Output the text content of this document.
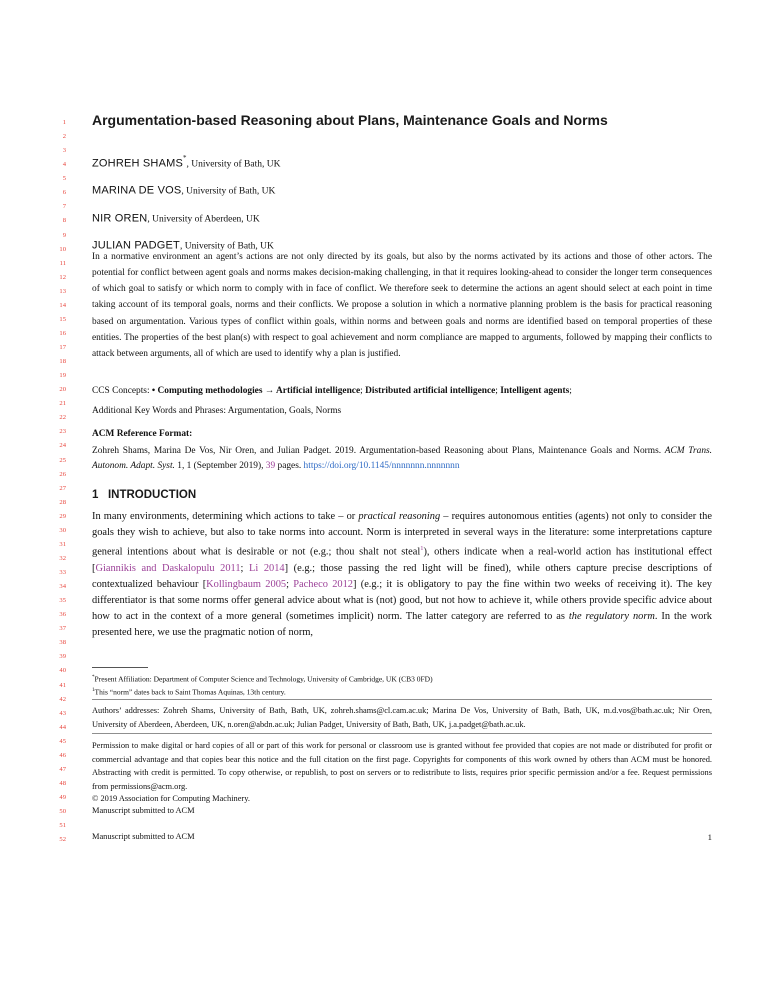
1
2
3
4
5
6
7
8
9
10
11
12
13
14
15
16
17
18
19
20
21
22
23
24
25
26
27
28
29
30
31
32
33
34
35
36
37
38
39
40
41
42
43
44
45
46
47
48
49
50
51
52
Argumentation-based Reasoning about Plans, Maintenance Goals and Norms
ZOHREH SHAMS*, University of Bath, UK
MARINA DE VOS, University of Bath, UK
NIR OREN, University of Aberdeen, UK
JULIAN PADGET, University of Bath, UK
In a normative environment an agent’s actions are not only directed by its goals, but also by the norms activated by its actions and those of other actors. The potential for conflict between agent goals and norms makes decision-making challenging, in that it requires looking-ahead to consider the longer term consequences of which goal to satisfy or which norm to comply with in face of conflict. We therefore seek to determine the actions an agent should select at each point in time taking account of its temporal goals, norms and their conflicts. We propose a solution in which a normative planning problem is the basis for practical reasoning based on argumentation. Various types of conflict within goals, within norms and between goals and norms are identified based on temporal properties of these entities. The properties of the best plan(s) with respect to goal achievement and norm compliance are mapped to arguments, followed by mapping their conflicts to attack between arguments, all of which are used to identify why a plan is justified.
CCS Concepts: • Computing methodologies → Artificial intelligence; Distributed artificial intelligence; Intelligent agents;
Additional Key Words and Phrases: Argumentation, Goals, Norms
ACM Reference Format:
Zohreh Shams, Marina De Vos, Nir Oren, and Julian Padget. 2019. Argumentation-based Reasoning about Plans, Maintenance Goals and Norms. ACM Trans. Autonom. Adapt. Syst. 1, 1 (September 2019), 39 pages. https://doi.org/10.1145/nnnnnnn.nnnnnnn
1   INTRODUCTION
In many environments, determining which actions to take – or practical reasoning – requires autonomous entities (agents) not only to consider the goals they wish to achieve, but also to take norms into account. Norm is interpreted in several ways in the literature: some interpretations capture general intentions about what is desirable or not (e.g.; thou shalt not steal$^1$), others indicate when a real-world action has institutional effect [Giannikis and Daskalopulu 2011; Li 2014] (e.g.; those passing the red light will be fined), while others capture precise descriptions of contextualized behaviour [Kollingbaum 2005; Pacheco 2012] (e.g.; it is obligatory to pay the fine within two weeks of receiving it). The key differentiator is that some norms offer general advice about what is (not) good, but not how to achieve it, while others provide specific advice about how to act in the context of a more general (sometimes implicit) norm. The latter category are referred to as the regulatory norm. In the work presented here, we use the pragmatic notion of norm,
*Present Affiliation: Department of Computer Science and Technology, University of Cambridge, UK (CB3 0FD)
$^1$This “norm” dates back to Saint Thomas Aquinas, 13th century.
Authors’ addresses: Zohreh Shams, University of Bath, Bath, UK, zohreh.shams@cl.cam.ac.uk; Marina De Vos, University of Bath, Bath, UK, m.d.vos@bath.ac.uk; Nir Oren, University of Aberdeen, Aberdeen, UK, n.oren@abdn.ac.uk; Julian Padget, University of Bath, Bath, UK, j.a.padget@bath.ac.uk.
Permission to make digital or hard copies of all or part of this work for personal or classroom use is granted without fee provided that copies are not made or distributed for profit or commercial advantage and that copies bear this notice and the full citation on the first page. Copyrights for components of this work owned by others than ACM must be honored. Abstracting with credit is permitted. To copy otherwise, or republish, to post on servers or to redistribute to lists, requires prior specific permission and/or a fee. Request permissions from permissions@acm.org.
© 2019 Association for Computing Machinery.
Manuscript submitted to ACM
Manuscript submitted to ACM	1
